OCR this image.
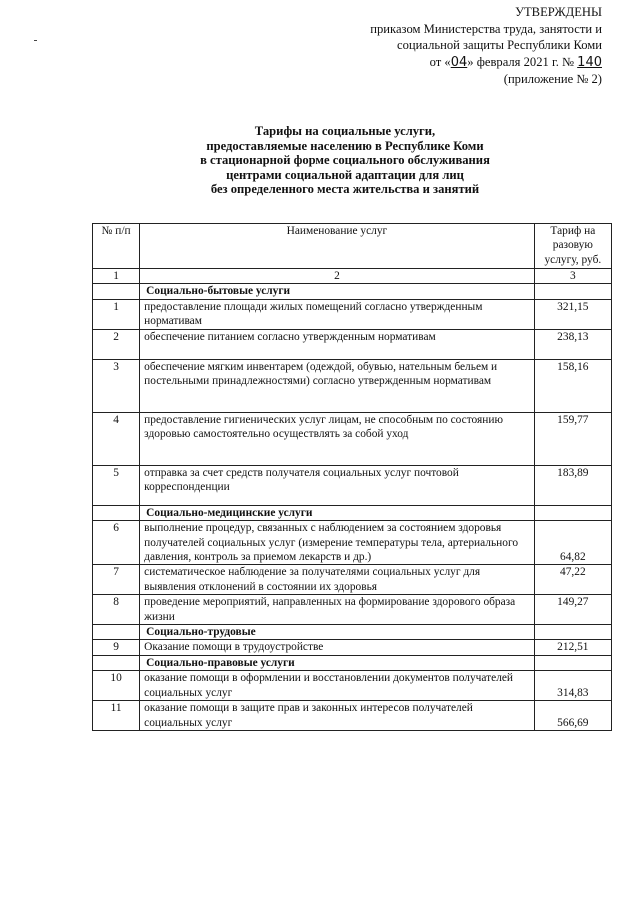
УТВЕРЖДЕНЫ
приказом Министерства труда, занятости и
социальной защиты Республики Коми
от «04» февраля 2021 г. № 140
(приложение № 2)
Тарифы на социальные услуги,
предоставляемые населению в Республике Коми
в стационарной форме социального обслуживания
центрами социальной адаптации для лиц
без определенного места жительства и занятий
№ п/п	Наименование услуг	Тариф на разовую услугу, руб.
1	2	3
	Социально-бытовые услуги	
1	предоставление площади жилых помещений согласно утвержденным нормативам	321,15
2	обеспечение питанием согласно утвержденным нормативам	238,13
3	обеспечение мягким инвентарем (одеждой, обувью, нательным бельем и постельными принадлежностями) согласно утвержденным нормативам	158,16
4	предоставление гигиенических услуг лицам, не способным по состоянию здоровью самостоятельно осуществлять за собой уход	159,77
5	отправка за счет средств получателя социальных услуг почтовой корреспонденции	183,89
	Социально-медицинские услуги	
6	выполнение процедур, связанных с наблюдением за состоянием здоровья получателей социальных услуг (измерение температуры тела, артериального давления, контроль за приемом лекарств и др.)	64,82
7	систематическое наблюдение за получателями социальных услуг для выявления отклонений в состоянии их здоровья	47,22
8	проведение мероприятий, направленных на формирование здорового образа жизни	149,27
	Социально-трудовые	
9	Оказание помощи в трудоустройстве	212,51
	Социально-правовые услуги	
10	оказание помощи в оформлении и восстановлении документов получателей социальных услуг	314,83
11	оказание помощи в защите прав и законных интересов получателей социальных услуг	566,69
